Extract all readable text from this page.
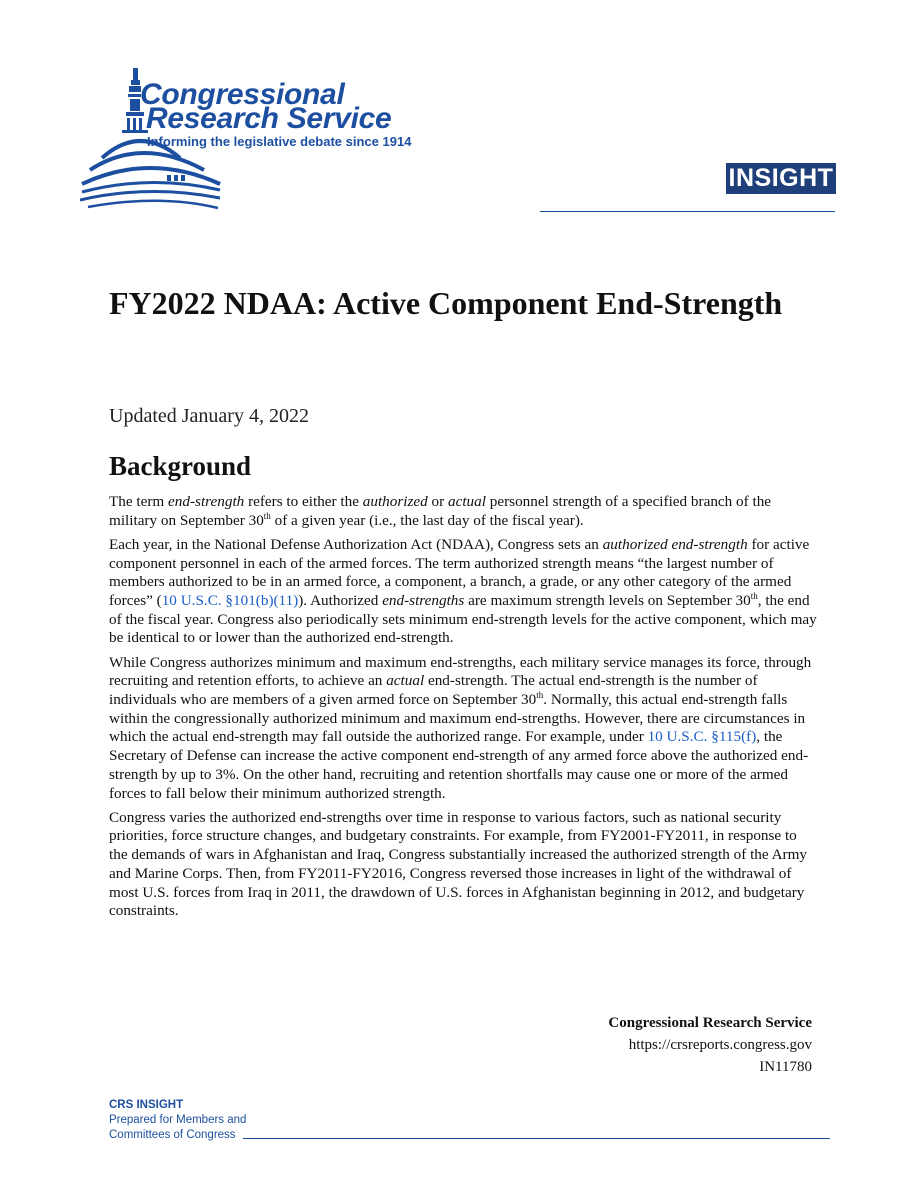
Congressional

Research Service

Informing the legislative debate since 1914

INSIGHT
FY2022 NDAA: Active Component End-Strength

Updated January 4, 2022

Background

The term end-strength refers to either the authorized or actual personnel strength of a specified branch of the military on September 30th of a given year (i.e., the last day of the fiscal year).

Each year, in the National Defense Authorization Act (NDAA), Congress sets an authorized end-strength for active component personnel in each of the armed forces. The term authorized strength means “the largest number of members authorized to be in an armed force, a component, a branch, a grade, or any other category of the armed forces” (10 U.S.C. §101(b)(11)). Authorized end-strengths are maximum strength levels on September 30th, the end of the fiscal year. Congress also periodically sets minimum end-strength levels for the active component, which may be identical to or lower than the authorized end-strength.

While Congress authorizes minimum and maximum end-strengths, each military service manages its force, through recruiting and retention efforts, to achieve an actual end-strength. The actual end-strength is the number of individuals who are members of a given armed force on September 30th. Normally, this actual end-strength falls within the congressionally authorized minimum and maximum end-strengths. However, there are circumstances in which the actual end-strength may fall outside the authorized range. For example, under 10 U.S.C. §115(f), the Secretary of Defense can increase the active component end-strength of any armed force above the authorized end-strength by up to 3%. On the other hand, recruiting and retention shortfalls may cause one or more of the armed forces to fall below their minimum authorized strength.

Congress varies the authorized end-strengths over time in response to various factors, such as national security priorities, force structure changes, and budgetary constraints. For example, from FY2001-FY2011, in response to the demands of wars in Afghanistan and Iraq, Congress substantially increased the authorized strength of the Army and Marine Corps. Then, from FY2011-FY2016, Congress reversed those increases in light of the withdrawal of most U.S. forces from Iraq in 2011, the drawdown of U.S. forces in Afghanistan beginning in 2012, and budgetary constraints.

Congressional Research Service
https://crsreports.congress.gov
IN11780
CRS INSIGHT
Prepared for Members and
Committees of Congress
